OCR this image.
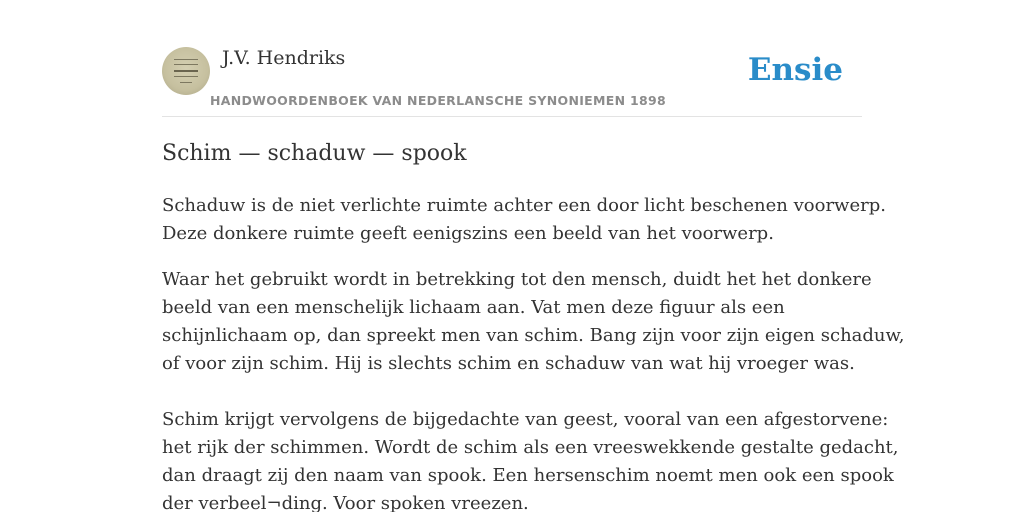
J.V. Hendriks
HANDWOORDENBOEK VAN NEDERLANSCHE SYNONIEMEN 1898
Ensie
Schim — schaduw — spook

Schaduw is de niet verlichte ruimte achter een door licht beschenen voorwerp.
Deze donkere ruimte geeft eenigszins een beeld van het voorwerp.

Waar het gebruikt wordt in betrekking tot den mensch, duidt het het donkere
beeld van een menschelijk lichaam aan. Vat men deze figuur als een
schijnlichaam op, dan spreekt men van schim. Bang zijn voor zijn eigen schaduw,
of voor zijn schim. Hij is slechts schim en schaduw van wat hij vroeger was.

Schim krijgt vervolgens de bijgedachte van geest, vooral van een afgestorvene:
het rijk der schimmen. Wordt de schim als een vreeswekkende gestalte gedacht,
dan draagt zij den naam van spook. Een hersenschim noemt men ook een spook
der verbeel¬ding. Voor spoken vreezen.
